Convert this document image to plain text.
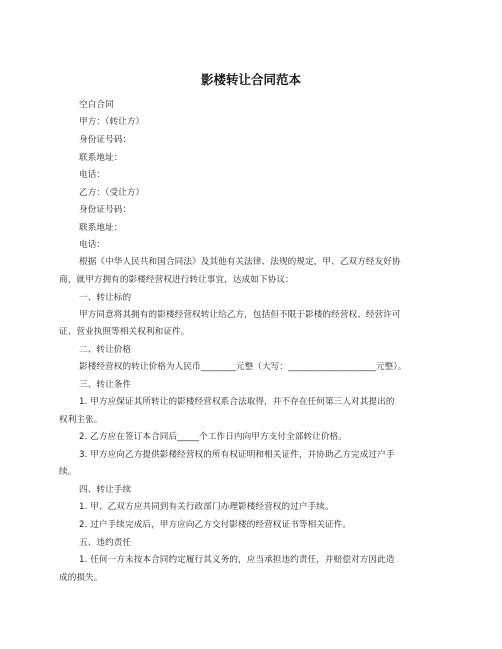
影楼转让合同范本
空白合同
甲方：（转让方）
身份证号码：
联系地址：
电话：
乙方：（受让方）
身份证号码：
联系地址：
电话：
根据《中华人民共和国合同法》及其他有关法律、法规的规定，甲、乙双方经友好协
商，就甲方拥有的影楼经营权进行转让事宜，达成如下协议：
一、转让标的
甲方同意将其拥有的影楼经营权转让给乙方，包括但不限于影楼的经营权、经营许可
证、营业执照等相关权利和证件。
二、转让价格
影楼经营权的转让价格为人民币________元整（大写：____________________元整）。
三、转让条件
1. 甲方应保证其所转让的影楼经营权系合法取得，并不存在任何第三人对其提出的
权利主张。
2. 乙方应在签订本合同后_____个工作日内向甲方支付全部转让价格。
3. 甲方应向乙方提供影楼经营权的所有权证明和相关证件，并协助乙方完成过户手
续。
四、转让手续
1. 甲、乙双方应共同到有关行政部门办理影楼经营权的过户手续。
2. 过户手续完成后，甲方应向乙方交付影楼的经营权证书等相关证件。
五、违约责任
1. 任何一方未按本合同约定履行其义务的，应当承担违约责任，并赔偿对方因此造
成的损失。
